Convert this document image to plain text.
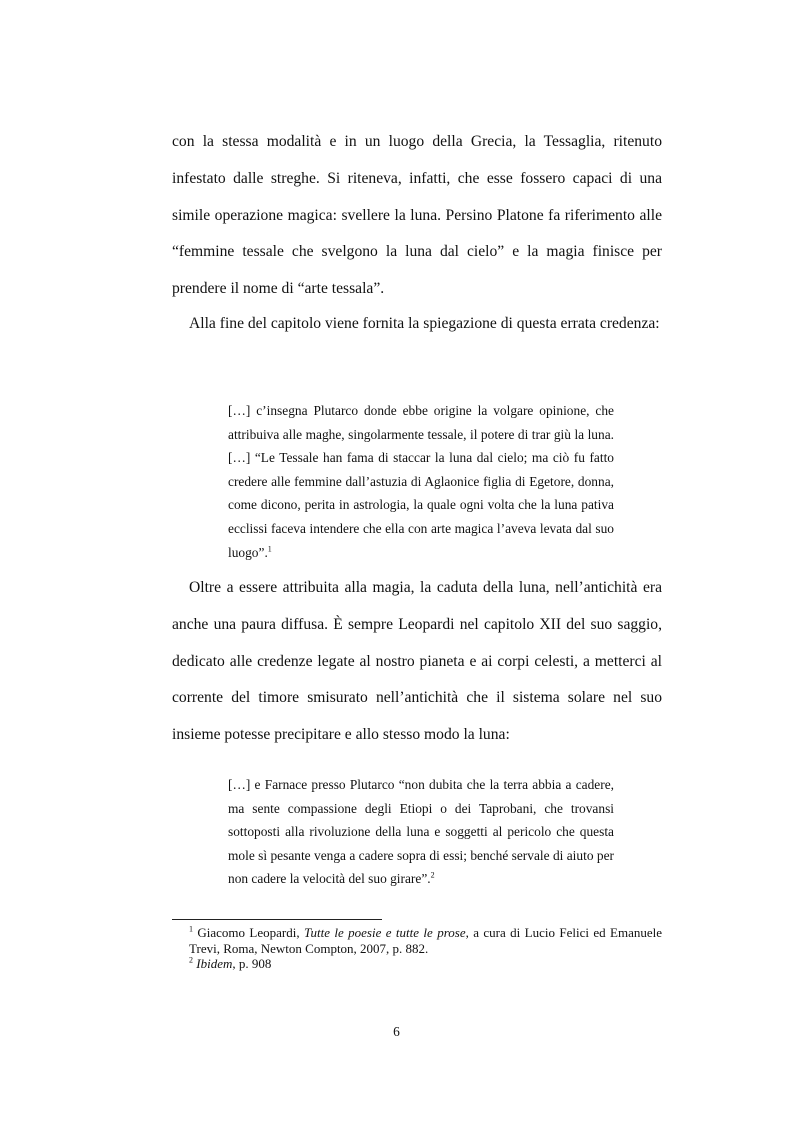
con la stessa modalità e in un luogo della Grecia, la Tessaglia, ritenuto infestato dalle streghe. Si riteneva, infatti, che esse fossero capaci di una simile operazione magica: svellere la luna. Persino Platone fa riferimento alle “femmine tessale che svelgono la luna dal cielo” e la magia finisce per prendere il nome di “arte tessala”.

Alla fine del capitolo viene fornita la spiegazione di questa errata credenza:

[…] c’insegna Plutarco donde ebbe origine la volgare opinione, che attribuiva alle maghe, singolarmente tessale, il potere di trar giù la luna. […] “Le Tessale han fama di staccar la luna dal cielo; ma ciò fu fatto credere alle femmine dall’astuzia di Aglaonice figlia di Egetore, donna, come dicono, perita in astrologia, la quale ogni volta che la luna pativa ecclissi faceva intendere che ella con arte magica l’aveva levata dal suo luogo”.$^1$

Oltre a essere attribuita alla magia, la caduta della luna, nell’antichità era anche una paura diffusa. È sempre Leopardi nel capitolo XII del suo saggio, dedicato alle credenze legate al nostro pianeta e ai corpi celesti, a metterci al corrente del timore smisurato nell’antichità che il sistema solare nel suo insieme potesse precipitare e allo stesso modo la luna:

[…] e Farnace presso Plutarco “non dubita che la terra abbia a cadere, ma sente compassione degli Etiopi o dei Taprobani, che trovansi sottoposti alla rivoluzione della luna e soggetti al pericolo che questa mole sì pesante venga a cadere sopra di essi; benché servale di aiuto per non cadere la velocità del suo girare”.$^2$

$^1$ Giacomo Leopardi, Tutte le poesie e tutte le prose, a cura di Lucio Felici ed Emanuele Trevi, Roma, Newton Compton, 2007, p. 882.

$^2$ Ibidem, p. 908

6
